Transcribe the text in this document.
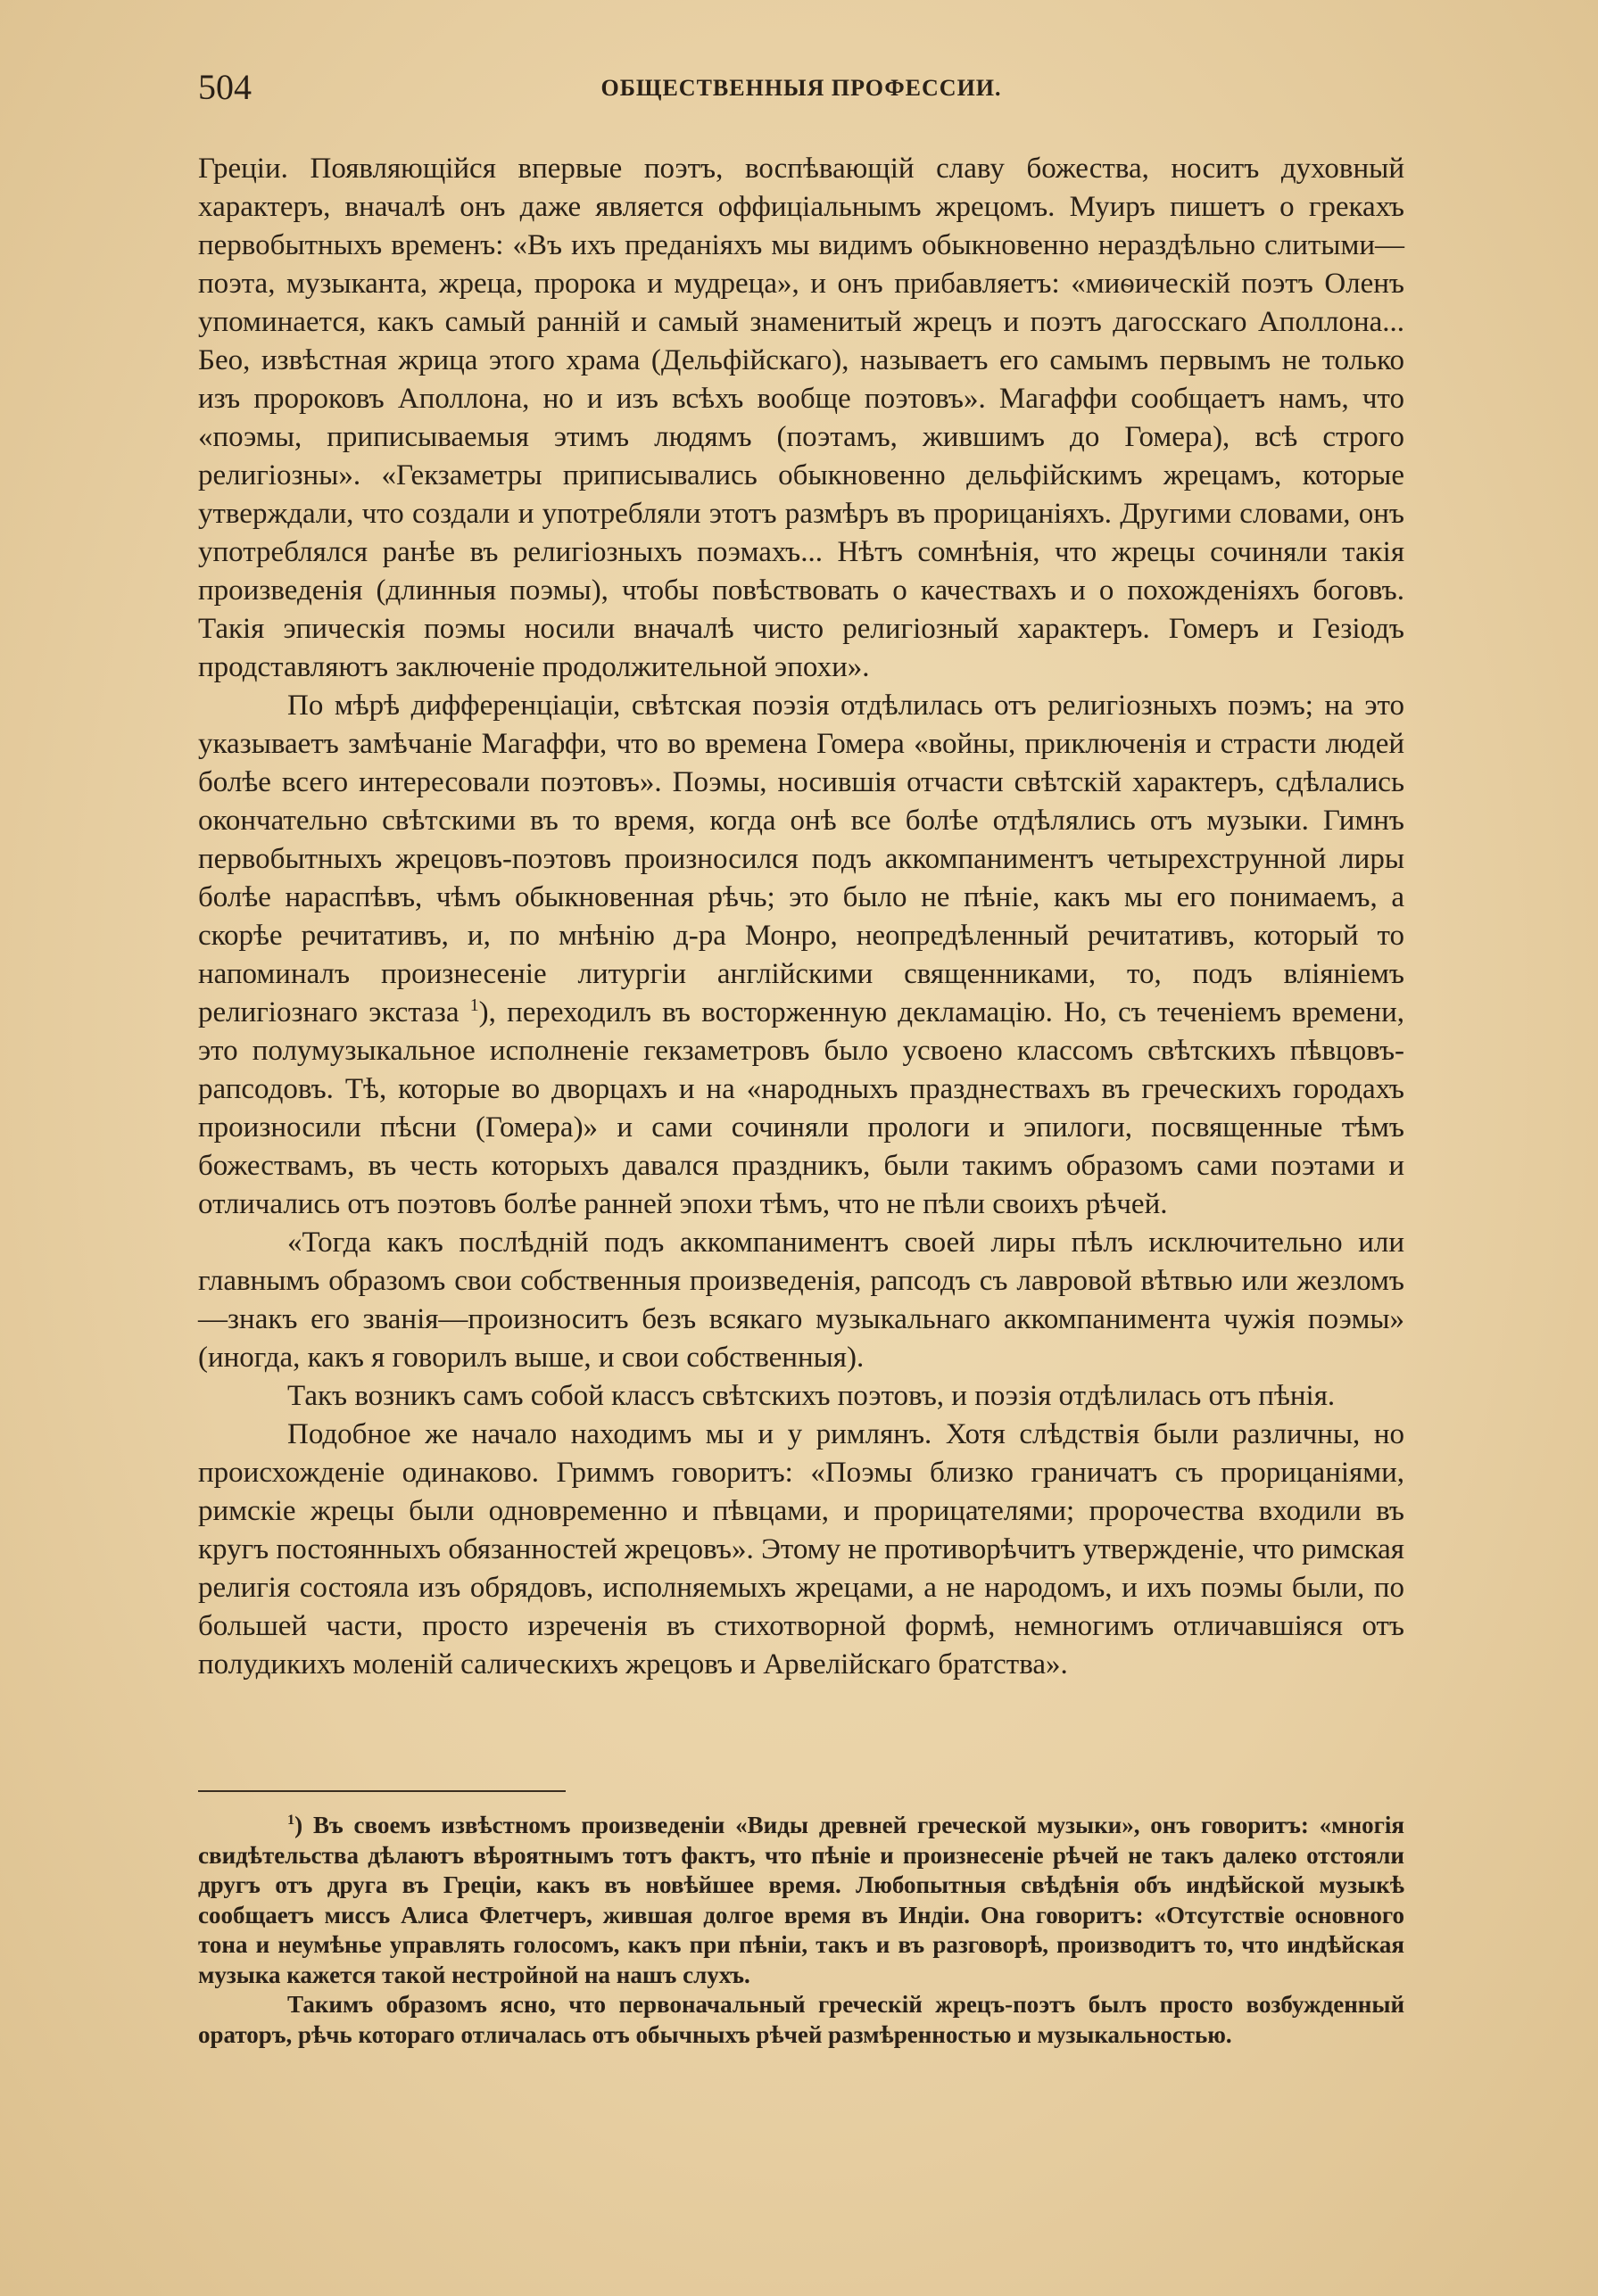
504	ОБЩЕСТВЕННЫЯ ПРОФЕССИИ.

Греціи. Появляющійся впервые поэтъ, воспѣвающій славу божества, носитъ духовный характеръ, вначалѣ онъ даже является оффиціальнымъ жрецомъ. Муиръ пишетъ о грекахъ первобытныхъ временъ: «Въ ихъ преданіяхъ мы видимъ обыкновенно нераздѣльно слитыми— поэта, музыканта, жреца, пророка и мудреца», и онъ прибавляетъ: «миѳическій поэтъ Оленъ упоминается, какъ самый ранній и самый знаменитый жрецъ и поэтъ дагосскаго Аполлона... Бео, извѣстная жрица этого храма (Дельфійскаго), называетъ его самымъ первымъ не только изъ пророковъ Аполлона, но и изъ всѣхъ вообще поэтовъ». Магаффи сообщаетъ намъ, что «поэмы, приписываемыя этимъ людямъ (поэтамъ, жившимъ до Гомера), всѣ строго религіозны». «Гекзаметры приписывались обыкновенно дельфійскимъ жрецамъ, которые утверждали, что создали и употребляли этотъ размѣръ въ прорицаніяхъ. Другими словами, онъ употреблялся ранѣе въ религіозныхъ поэмахъ... Нѣтъ сомнѣнія, что жрецы сочиняли такія произведенія (длинныя поэмы), чтобы повѣствовать о качествахъ и о похожденіяхъ боговъ. Такія эпическія поэмы носили вначалѣ чисто религіозный характеръ. Гомеръ и Гезіодъ продставляютъ заключеніе продолжительной эпохи».

По мѣрѣ дифференціаціи, свѣтская поэзія отдѣлилась отъ религіозныхъ поэмъ; на это указываетъ замѣчаніе Магаффи, что во времена Гомера «войны, приключенія и страсти людей болѣе всего интересовали поэтовъ». Поэмы, носившія отчасти свѣтскій характеръ, сдѣлались окончательно свѣтскими въ то время, когда онѣ все болѣе отдѣлялись отъ музыки. Гимнъ первобытныхъ жрецовъ-поэтовъ произносился подъ аккомпаниментъ четырехструнной лиры болѣе нараспѣвъ, чѣмъ обыкновенная рѣчь; это было не пѣніе, какъ мы его понимаемъ, а скорѣе речитативъ, и, по мнѣнію д-ра Монро, неопредѣленный речитативъ, который то напоминалъ произнесеніе литургіи англійскими священниками, то, подъ вліяніемъ религіознаго экстаза $^1$), переходилъ въ восторженную декламацію. Но, съ теченіемъ времени, это полумузыкальное исполненіе гекзаметровъ было усвоено классомъ свѣтскихъ пѣвцовъ-рапсодовъ. Тѣ, которые во дворцахъ и на «народныхъ празднествахъ въ греческихъ городахъ произносили пѣсни (Гомера)» и сами сочиняли прологи и эпилоги, посвященные тѣмъ божествамъ, въ честь которыхъ давался праздникъ, были такимъ образомъ сами поэтами и отличались отъ поэтовъ болѣе ранней эпохи тѣмъ, что не пѣли своихъ рѣчей.

«Тогда какъ послѣдній подъ аккомпаниментъ своей лиры пѣлъ исключительно или главнымъ образомъ свои собственныя произведенія, рапсодъ съ лавровой вѣтвью или жезломъ—знакъ его званія—произноситъ безъ всякаго музыкальнаго аккомпанимента чужія поэмы» (иногда, какъ я говорилъ выше, и свои собственныя).

Такъ возникъ самъ собой классъ свѣтскихъ поэтовъ, и поэзія отдѣлилась отъ пѣнія.

Подобное же начало находимъ мы и у римлянъ. Хотя слѣдствія были различны, но происхожденіе одинаково. Гриммъ говоритъ: «Поэмы близко граничатъ съ прорицаніями, римскіе жрецы были одновременно и пѣвцами, и прорицателями; пророчества входили въ кругъ постоянныхъ обязанностей жрецовъ». Этому не противорѣчитъ утвержденіе, что римская религія состояла изъ обрядовъ, исполняемыхъ жрецами, а не народомъ, и ихъ поэмы были, по большей части, просто изреченія въ стихотворной формѣ, немногимъ отличавшіяся отъ полудикихъ моленій салическихъ жрецовъ и Арвелійскаго братства».

$^1$) Въ своемъ извѣстномъ произведеніи «Виды древней греческой музыки», онъ говоритъ: «многія свидѣтельства дѣлаютъ вѣроятнымъ тотъ фактъ, что пѣніе и произнесеніе рѣчей не такъ далеко отстояли другъ отъ друга въ Греціи, какъ въ новѣйшее время. Любопытныя свѣдѣнія объ индѣйской музыкѣ сообщаетъ миссъ Алиса Флетчеръ, жившая долгое время въ Индіи. Она говоритъ: «Отсутствіе основного тона и неумѣнье управлять голосомъ, какъ при пѣніи, такъ и въ разговорѣ, производитъ то, что индѣйская музыка кажется такой нестройной на нашъ слухъ.

Такимъ образомъ ясно, что первоначальный греческій жрецъ-поэтъ былъ просто возбужденный ораторъ, рѣчь котораго отличалась отъ обычныхъ рѣчей размѣренностью и музыкальностью.
